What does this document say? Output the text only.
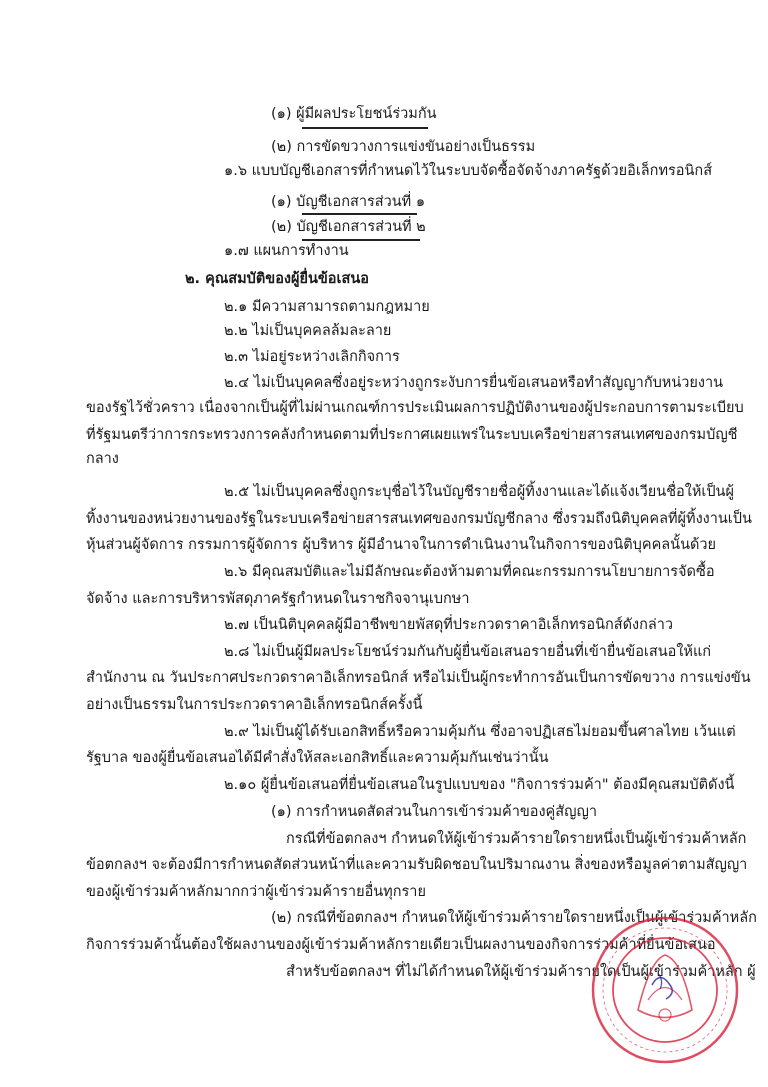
(๑) ผู้มีผลประโยชน์ร่วมกัน
(๒) การขัดขวางการแข่งขันอย่างเป็นธรรม
๑.๖ แบบบัญชีเอกสารที่กำหนดไว้ในระบบจัดซื้อจัดจ้างภาครัฐด้วยอิเล็กทรอนิกส์
(๑) บัญชีเอกสารส่วนที่ ๑
(๒) บัญชีเอกสารส่วนที่ ๒
๑.๗ แผนการทำงาน
๒. คุณสมบัติของผู้ยื่นข้อเสนอ
๒.๑ มีความสามารถตามกฎหมาย
๒.๒ ไม่เป็นบุคคลล้มละลาย
๒.๓ ไม่อยู่ระหว่างเลิกกิจการ
๒.๔ ไม่เป็นบุคคลซึ่งอยู่ระหว่างถูกระงับการยื่นข้อเสนอหรือทำสัญญากับหน่วยงาน
ของรัฐไว้ชั่วคราว เนื่องจากเป็นผู้ที่ไม่ผ่านเกณฑ์การประเมินผลการปฏิบัติงานของผู้ประกอบการตามระเบียบ
ที่รัฐมนตรีว่าการกระทรวงการคลังกำหนดตามที่ประกาศเผยแพร่ในระบบเครือข่ายสารสนเทศของกรมบัญชี
กลาง
๒.๕ ไม่เป็นบุคคลซึ่งถูกระบุชื่อไว้ในบัญชีรายชื่อผู้ทิ้งงานและได้แจ้งเวียนชื่อให้เป็นผู้
ทิ้งงานของหน่วยงานของรัฐในระบบเครือข่ายสารสนเทศของกรมบัญชีกลาง ซึ่งรวมถึงนิติบุคคลที่ผู้ทิ้งงานเป็น
หุ้นส่วนผู้จัดการ กรรมการผู้จัดการ ผู้บริหาร ผู้มีอำนาจในการดำเนินงานในกิจการของนิติบุคคลนั้นด้วย
๒.๖ มีคุณสมบัติและไม่มีลักษณะต้องห้ามตามที่คณะกรรมการนโยบายการจัดซื้อ
จัดจ้าง และการบริหารพัสดุภาครัฐกำหนดในราชกิจจานุเบกษา
๒.๗ เป็นนิติบุคคลผู้มีอาชีพขายพัสดุที่ประกวดราคาอิเล็กทรอนิกส์ดังกล่าว
๒.๘ ไม่เป็นผู้มีผลประโยชน์ร่วมกันกับผู้ยื่นข้อเสนอรายอื่นที่เข้ายื่นข้อเสนอให้แก่
สำนักงาน ณ วันประกาศประกวดราคาอิเล็กทรอนิกส์ หรือไม่เป็นผู้กระทำการอันเป็นการขัดขวาง การแข่งขัน
อย่างเป็นธรรมในการประกวดราคาอิเล็กทรอนิกส์ครั้งนี้
๒.๙ ไม่เป็นผู้ได้รับเอกสิทธิ์หรือความคุ้มกัน ซึ่งอาจปฏิเสธไม่ยอมขึ้นศาลไทย เว้นแต่
รัฐบาล ของผู้ยื่นข้อเสนอได้มีคำสั่งให้สละเอกสิทธิ์และความคุ้มกันเช่นว่านั้น
๒.๑๐ ผู้ยื่นข้อเสนอที่ยื่นข้อเสนอในรูปแบบของ "กิจการร่วมค้า" ต้องมีคุณสมบัติดังนี้
(๑) การกำหนดสัดส่วนในการเข้าร่วมค้าของคู่สัญญา
กรณีที่ข้อตกลงฯ กำหนดให้ผู้เข้าร่วมค้ารายใดรายหนึ่งเป็นผู้เข้าร่วมค้าหลัก
ข้อตกลงฯ จะต้องมีการกำหนดสัดส่วนหน้าที่และความรับผิดชอบในปริมาณงาน สิ่งของหรือมูลค่าตามสัญญา
ของผู้เข้าร่วมค้าหลักมากกว่าผู้เข้าร่วมค้ารายอื่นทุกราย
(๒) กรณีที่ข้อตกลงฯ กำหนดให้ผู้เข้าร่วมค้ารายใดรายหนึ่งเป็นผู้เข้าร่วมค้าหลัก
กิจการร่วมค้านั้นต้องใช้ผลงานของผู้เข้าร่วมค้าหลักรายเดียวเป็นผลงานของกิจการร่วมค้าที่ยื่นข้อเสนอ
สำหรับข้อตกลงฯ ที่ไม่ได้กำหนดให้ผู้เข้าร่วมค้ารายใดเป็นผู้เข้าร่วมค้าหลัก ผู้
